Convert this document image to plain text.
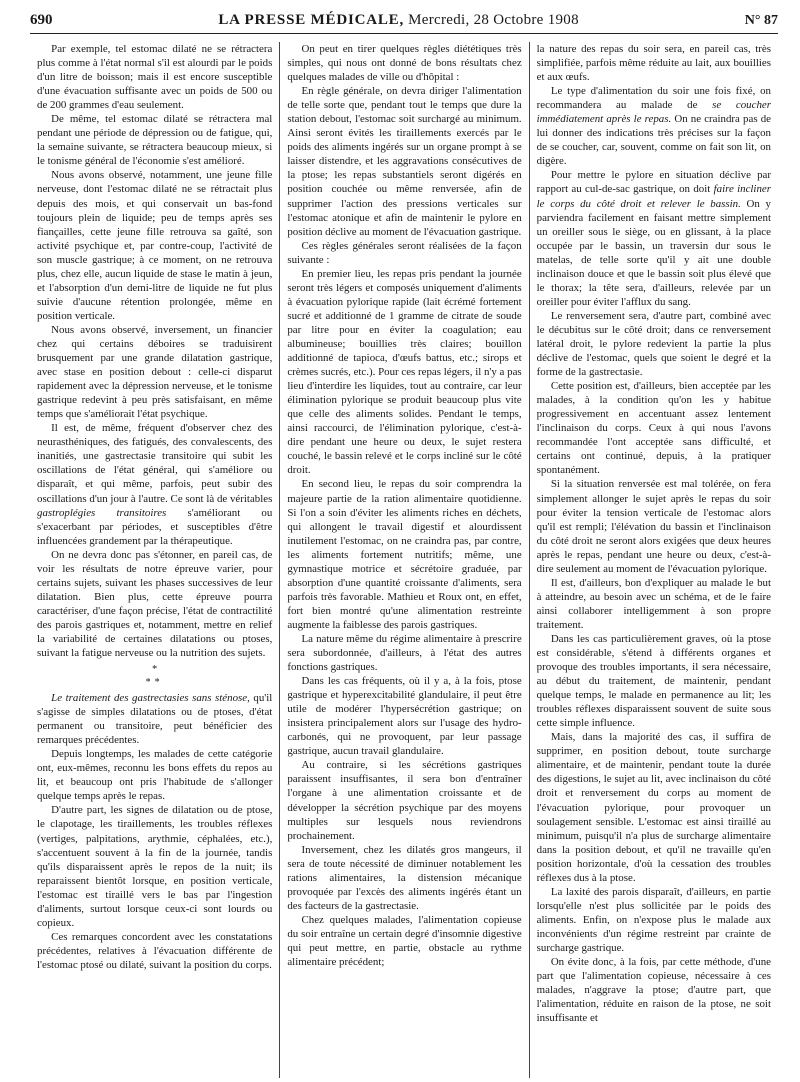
690	LA PRESSE MÉDICALE, Mercredi, 28 Octobre 1908	N° 87

Par exemple, tel estomac dilaté ne se rétractera plus comme à l'état normal s'il est alourdi par le poids d'un litre de boisson; mais il est encore susceptible d'une évacuation suffisante avec un poids de 500 ou de 200 grammes d'eau seulement.

De même, tel estomac dilaté se rétractera mal pendant une période de dépression ou de fatigue, qui, la semaine suivante, se rétractera beaucoup mieux, si le tonisme général de l'économie s'est amélioré.

Nous avons observé, notamment, une jeune fille nerveuse, dont l'estomac dilaté ne se rétractait plus depuis des mois, et qui conservait un bas-fond toujours plein de liquide; peu de temps après ses fiançailles, cette jeune fille retrouva sa gaîté, son activité psychique et, par contre-coup, l'activité de son muscle gastrique; à ce moment, on ne retrouva plus, chez elle, aucun liquide de stase le matin à jeun, et l'absorption d'un demi-litre de liquide ne fut plus suivie d'aucune rétention prolongée, même en position verticale.

Nous avons observé, inversement, un financier chez qui certains déboires se traduisirent brusquement par une grande dilatation gastrique, avec stase en position debout : celle-ci disparut rapidement avec la dépression nerveuse, et le tonisme gastrique redevint à peu près satisfaisant, en même temps que s'améliorait l'état psychique.

Il est, de même, fréquent d'observer chez des neurasthéniques, des fatigués, des convalescents, des inanitiés, une gastrectasie transitoire qui subit les oscillations de l'état général, qui s'améliore ou disparaît, et qui même, parfois, peut subir des oscillations d'un jour à l'autre. Ce sont là de véritables gastroplégies transitoires s'améliorant ou s'exacerbant par périodes, et susceptibles d'être influencées grandement par la thérapeutique.

On ne devra donc pas s'étonner, en pareil cas, de voir les résultats de notre épreuve varier, pour certains sujets, suivant les phases successives de leur dilatation. Bien plus, cette épreuve pourra caractériser, d'une façon précise, l'état de contractilité des parois gastriques et, notamment, mettre en relief la variabilité de certaines dilatations ou ptoses, suivant la fatigue nerveuse ou la nutrition des sujets.

*
**

Le traitement des gastrectasies sans sténose, qu'il s'agisse de simples dilatations ou de ptoses, d'état permanent ou transitoire, peut bénéficier des remarques précédentes.

Depuis longtemps, les malades de cette catégorie ont, eux-mêmes, reconnu les bons effets du repos au lit, et beaucoup ont pris l'habitude de s'allonger quelque temps après le repas.

D'autre part, les signes de dilatation ou de ptose, le clapotage, les tiraillements, les troubles réflexes (vertiges, palpitations, arythmie, céphalées, etc.), s'accentuent souvent à la fin de la journée, tandis qu'ils disparaissent après le repos de la nuit; ils reparaissent bientôt lorsque, en position verticale, l'estomac est tiraillé vers le bas par l'ingestion d'aliments, surtout lorsque ceux-ci sont lourds ou copieux.

Ces remarques concordent avec les constatations précédentes, relatives à l'évacuation différente de l'estomac ptosé ou dilaté, suivant la position du corps.

On peut en tirer quelques règles diététiques très simples, qui nous ont donné de bons résultats chez quelques malades de ville ou d'hôpital :

En règle générale, on devra diriger l'alimentation de telle sorte que, pendant tout le temps que dure la station debout, l'estomac soit surchargé au minimum. Ainsi seront évités les tiraillements exercés par le poids des aliments ingérés sur un organe prompt à se laisser distendre, et les aggravations consécutives de la ptose; les repas substantiels seront digérés en position couchée ou même renversée, afin de supprimer l'action des pressions verticales sur l'estomac atonique et afin de maintenir le pylore en position déclive au moment de l'évacuation gastrique.

Ces règles générales seront réalisées de la façon suivante :

En premier lieu, les repas pris pendant la journée seront très légers et composés uniquement d'aliments à évacuation pylorique rapide (lait écrémé fortement sucré et additionné de 1 gramme de citrate de soude par litre pour en éviter la coagulation; eau albumineuse; bouillies très claires; bouillon additionné de tapioca, d'œufs battus, etc.; sirops et crèmes sucrés, etc.). Pour ces repas légers, il n'y a pas lieu d'interdire les liquides, tout au contraire, car leur élimination pylorique se produit beaucoup plus vite que celle des aliments solides. Pendant le temps, ainsi raccourci, de l'élimination pylorique, c'est-à-dire pendant une heure ou deux, le sujet restera couché, le bassin relevé et le corps incliné sur le côté droit.

En second lieu, le repas du soir comprendra la majeure partie de la ration alimentaire quotidienne. Si l'on a soin d'éviter les aliments riches en déchets, qui allongent le travail digestif et alourdissent inutilement l'estomac, on ne craindra pas, par contre, les aliments fortement nutritifs; même, une gymnastique motrice et sécrétoire graduée, par absorption d'une quantité croissante d'aliments, sera parfois très favorable. Mathieu et Roux ont, en effet, fort bien montré qu'une alimentation restreinte augmente la faiblesse des parois gastriques.

La nature même du régime alimentaire à prescrire sera subordonnée, d'ailleurs, à l'état des autres fonctions gastriques.

Dans les cas fréquents, où il y a, à la fois, ptose gastrique et hyperexcitabilité glandulaire, il peut être utile de modérer l'hypersécrétion gastrique; on insistera principalement alors sur l'usage des hydro-carbonés, qui ne provoquent, par leur passage gastrique, aucun travail glandulaire.

Au contraire, si les sécrétions gastriques paraissent insuffisantes, il sera bon d'entraîner l'organe à une alimentation croissante et de développer la sécrétion psychique par des moyens multiples sur lesquels nous reviendrons prochainement.

Inversement, chez les dilatés gros mangeurs, il sera de toute nécessité de diminuer notablement les rations alimentaires, la distension mécanique provoquée par l'excès des aliments ingérés étant un des facteurs de la gastrectasie.

Chez quelques malades, l'alimentation copieuse du soir entraîne un certain degré d'insomnie digestive qui peut mettre, en partie, obstacle au rythme alimentaire précédent;

la nature des repas du soir sera, en pareil cas, très simplifiée, parfois même réduite au lait, aux bouillies et aux œufs.

Le type d'alimentation du soir une fois fixé, on recommandera au malade de se coucher immédiatement après le repas. On ne craindra pas de lui donner des indications très précises sur la façon de se coucher, car, souvent, comme on fait son lit, on digère.

Pour mettre le pylore en situation déclive par rapport au cul-de-sac gastrique, on doit faire incliner le corps du côté droit et relever le bassin. On y parviendra facilement en faisant mettre simplement un oreiller sous le siège, ou en glissant, à la place occupée par le bassin, un traversin dur sous le matelas, de telle sorte qu'il y ait une double inclinaison douce et que le bassin soit plus élevé que le thorax; la tête sera, d'ailleurs, relevée par un oreiller pour éviter l'afflux du sang.

Le renversement sera, d'autre part, combiné avec le décubitus sur le côté droit; dans ce renversement latéral droit, le pylore redevient la partie la plus déclive de l'estomac, quels que soient le degré et la forme de la gastrectasie.

Cette position est, d'ailleurs, bien acceptée par les malades, à la condition qu'on les y habitue progressivement en accentuant assez lentement l'inclinaison du corps. Ceux à qui nous l'avons recommandée l'ont acceptée sans difficulté, et certains ont continué, depuis, à la pratiquer spontanément.

Si la situation renversée est mal tolérée, on fera simplement allonger le sujet après le repas du soir pour éviter la tension verticale de l'estomac alors qu'il est rempli; l'élévation du bassin et l'inclinaison du côté droit ne seront alors exigées que deux heures après le repas, pendant une heure ou deux, c'est-à-dire seulement au moment de l'évacuation pylorique.

Il est, d'ailleurs, bon d'expliquer au malade le but à atteindre, au besoin avec un schéma, et de le faire ainsi collaborer intelligemment à son propre traitement.

Dans les cas particulièrement graves, où la ptose est considérable, s'étend à différents organes et provoque des troubles importants, il sera nécessaire, au début du traitement, de maintenir, pendant quelque temps, le malade en permanence au lit; les troubles réflexes disparaissent souvent de suite sous cette simple influence.

Mais, dans la majorité des cas, il suffira de supprimer, en position debout, toute surcharge alimentaire, et de maintenir, pendant toute la durée des digestions, le sujet au lit, avec inclinaison du côté droit et renversement du corps au moment de l'évacuation pylorique, pour provoquer un soulagement sensible. L'estomac est ainsi tiraillé au minimum, puisqu'il n'a plus de surcharge alimentaire dans la position debout, et qu'il ne travaille qu'en position horizontale, d'où la cessation des troubles réflexes dus à la ptose.

La laxité des parois disparaît, d'ailleurs, en partie lorsqu'elle n'est plus sollicitée par le poids des aliments. Enfin, on n'expose plus le malade aux inconvénients d'un régime restreint par crainte de surcharge gastrique.

On évite donc, à la fois, par cette méthode, d'une part que l'alimentation copieuse, nécessaire à ces malades, n'aggrave la ptose; d'autre part, que l'alimentation, réduite en raison de la ptose, ne soit insuffisante et
